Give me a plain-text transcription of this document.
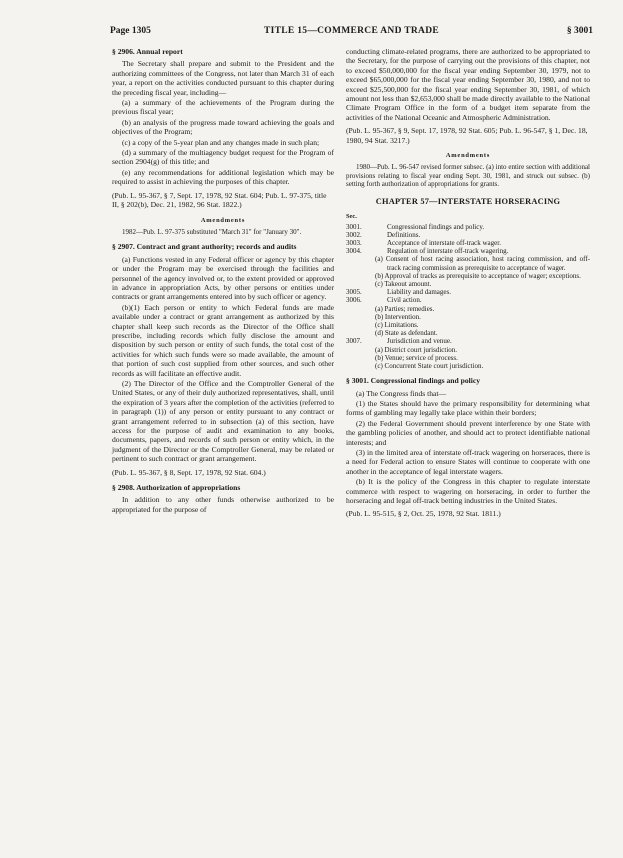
Page 1305	TITLE 15—COMMERCE AND TRADE	§ 3001
§ 2906. Annual report
The Secretary shall prepare and submit to the President and the authorizing committees of the Congress, not later than March 31 of each year, a report on the activities conducted pursuant to this chapter during the preceding fiscal year, including—
(a) a summary of the achievements of the Program during the previous fiscal year;
(b) an analysis of the progress made toward achieving the goals and objectives of the Program;
(c) a copy of the 5-year plan and any changes made in such plan;
(d) a summary of the multiagency budget request for the Program of section 2904(g) of this title; and
(e) any recommendations for additional legislation which may be required to assist in achieving the purposes of this chapter.
(Pub. L. 95-367, § 7, Sept. 17, 1978, 92 Stat. 604; Pub. L. 97-375, title II, § 202(b), Dec. 21, 1982, 96 Stat. 1822.)
Amendments
1982—Pub. L. 97-375 substituted "March 31" for "January 30".
§ 2907. Contract and grant authority; records and audits
(a) Functions vested in any Federal officer or agency by this chapter or under the Program may be exercised through the facilities and personnel of the agency involved or, to the extent provided or approved in advance in appropriation Acts, by other persons or entities under contracts or grant arrangements entered into by such officer or agency.
(b)(1) Each person or entity to which Federal funds are made available under a contract or grant arrangement as authorized by this chapter shall keep such records as the Director of the Office shall prescribe, including records which fully disclose the amount and disposition by such person or entity of such funds, the total cost of the activities for which such funds were so made available, the amount of that portion of such cost supplied from other sources, and such other records as will facilitate an effective audit.
(2) The Director of the Office and the Comptroller General of the United States, or any of their duly authorized representatives, shall, until the expiration of 3 years after the completion of the activities (referred to in paragraph (1)) of any person or entity pursuant to any contract or grant arrangement referred to in subsection (a) of this section, have access for the purpose of audit and examination to any books, documents, papers, and records of such person or entity which, in the judgment of the Director or the Comptroller General, may be related or pertinent to such contract or grant arrangement.
(Pub. L. 95-367, § 8, Sept. 17, 1978, 92 Stat. 604.)
§ 2908. Authorization of appropriations
In addition to any other funds otherwise authorized to be appropriated for the purpose of
conducting climate-related programs, there are authorized to be appropriated to the Secretary, for the purpose of carrying out the provisions of this chapter, not to exceed $50,000,000 for the fiscal year ending September 30, 1979, not to exceed $65,000,000 for the fiscal year ending September 30, 1980, and not to exceed $25,500,000 for the fiscal year ending September 30, 1981, of which amount not less than $2,653,000 shall be made directly available to the National Climate Program Office in the form of a budget item separate from the activities of the National Oceanic and Atmospheric Administration.
(Pub. L. 95-367, § 9, Sept. 17, 1978, 92 Stat. 605; Pub. L. 96-547, § 1, Dec. 18, 1980, 94 Stat. 3217.)
Amendments
1980—Pub. L. 96-547 revised former subsec. (a) into entire section with additional provisions relating to fiscal year ending Sept. 30, 1981, and struck out subsec. (b) setting forth authorization of appropriations for grants.
CHAPTER 57—INTERSTATE HORSERACING
Sec.
3001.	Congressional findings and policy.
3002.	Definitions.
3003.	Acceptance of interstate off-track wager.
3004.	Regulation of interstate off-track wagering.
	(a) Consent of host racing association, host racing commission, and off-track racing commission as prerequisite to acceptance of wager.
	(b) Approval of tracks as prerequisite to acceptance of wager; exceptions.
	(c) Takeout amount.
3005.	Liability and damages.
3006.	Civil action.
	(a) Parties; remedies.
	(b) Intervention.
	(c) Limitations.
	(d) State as defendant.
3007.	Jurisdiction and venue.
	(a) District court jurisdiction.
	(b) Venue; service of process.
	(c) Concurrent State court jurisdiction.
§ 3001. Congressional findings and policy
(a) The Congress finds that—
(1) the States should have the primary responsibility for determining what forms of gambling may legally take place within their borders;
(2) the Federal Government should prevent interference by one State with the gambling policies of another, and should act to protect identifiable national interests; and
(3) in the limited area of interstate off-track wagering on horseraces, there is a need for Federal action to ensure States will continue to cooperate with one another in the acceptance of legal interstate wagers.
(b) It is the policy of the Congress in this chapter to regulate interstate commerce with respect to wagering on horseracing, in order to further the horseracing and legal off-track betting industries in the United States.
(Pub. L. 95-515, § 2, Oct. 25, 1978, 92 Stat. 1811.)
